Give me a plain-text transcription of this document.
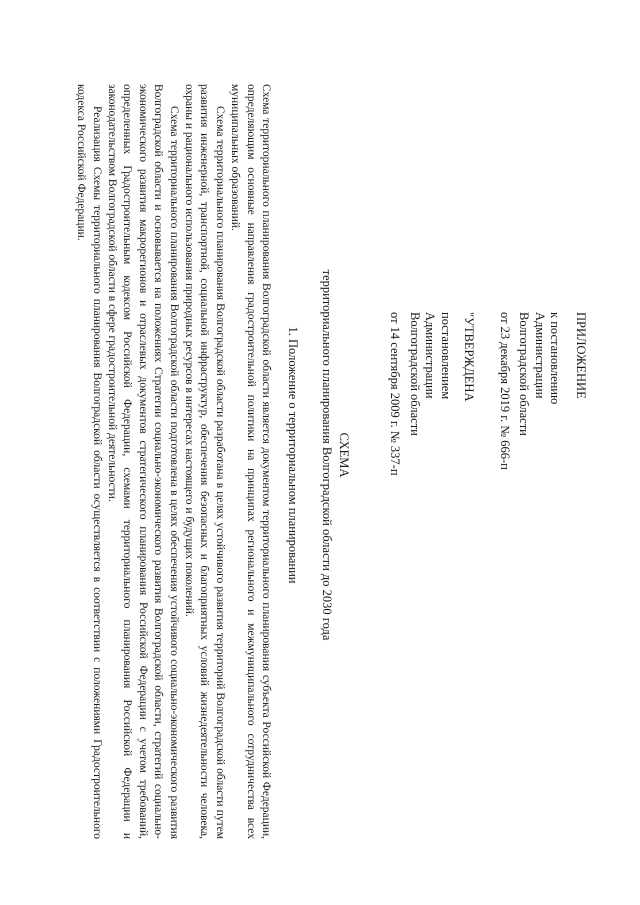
ПРИЛОЖЕНИЕ
к постановлению
Администрации
Волгоградской области
от 23 декабря 2019 г. № 666-п
"УТВЕРЖДЕНА
постановлением
Администрации
Волгоградской области
от 14 сентября 2009 г. № 337-п
СХЕМА
территориального планирования Волгоградской области до 2030 года
1. Положение о территориальном планировании

Схема территориального планирования Волгоградской области является документом территориального планирования субъекта Российской Федерации, определяющим основные направления градостроительной политики на принципах регионального и межмуниципального сотрудничества всех муниципальных образований.

Схема территориального планирования Волгоградской области разработана в целях устойчивого развития территорий Волгоградской области путем развития инженерной, транспортной, социальной инфраструктур, обеспечения безопасных и благоприятных условий жизнедеятельности человека, охраны и рационального использования природных ресурсов в интересах настоящего и будущих поколений.

Схема территориального планирования Волгоградской области подготовлена в целях обеспечения устойчивого социально-экономического развития Волгоградской области и основывается на положениях Стратегии социально-экономического развития Волгоградской области, стратегий социально-экономического развития макрорегионов и отраслевых документов стратегического планирования Российской Федерации с учетом требований, определенных Градостроительным кодексом Российской Федерации, схемами территориального планирования Российской Федерации и законодательством Волгоградской области в сфере градостроительной деятельности.

Реализация Схемы территориального планирования Волгоградской области осуществляется в соответствии с положениями Градостроительного кодекса Российской Федерации.
